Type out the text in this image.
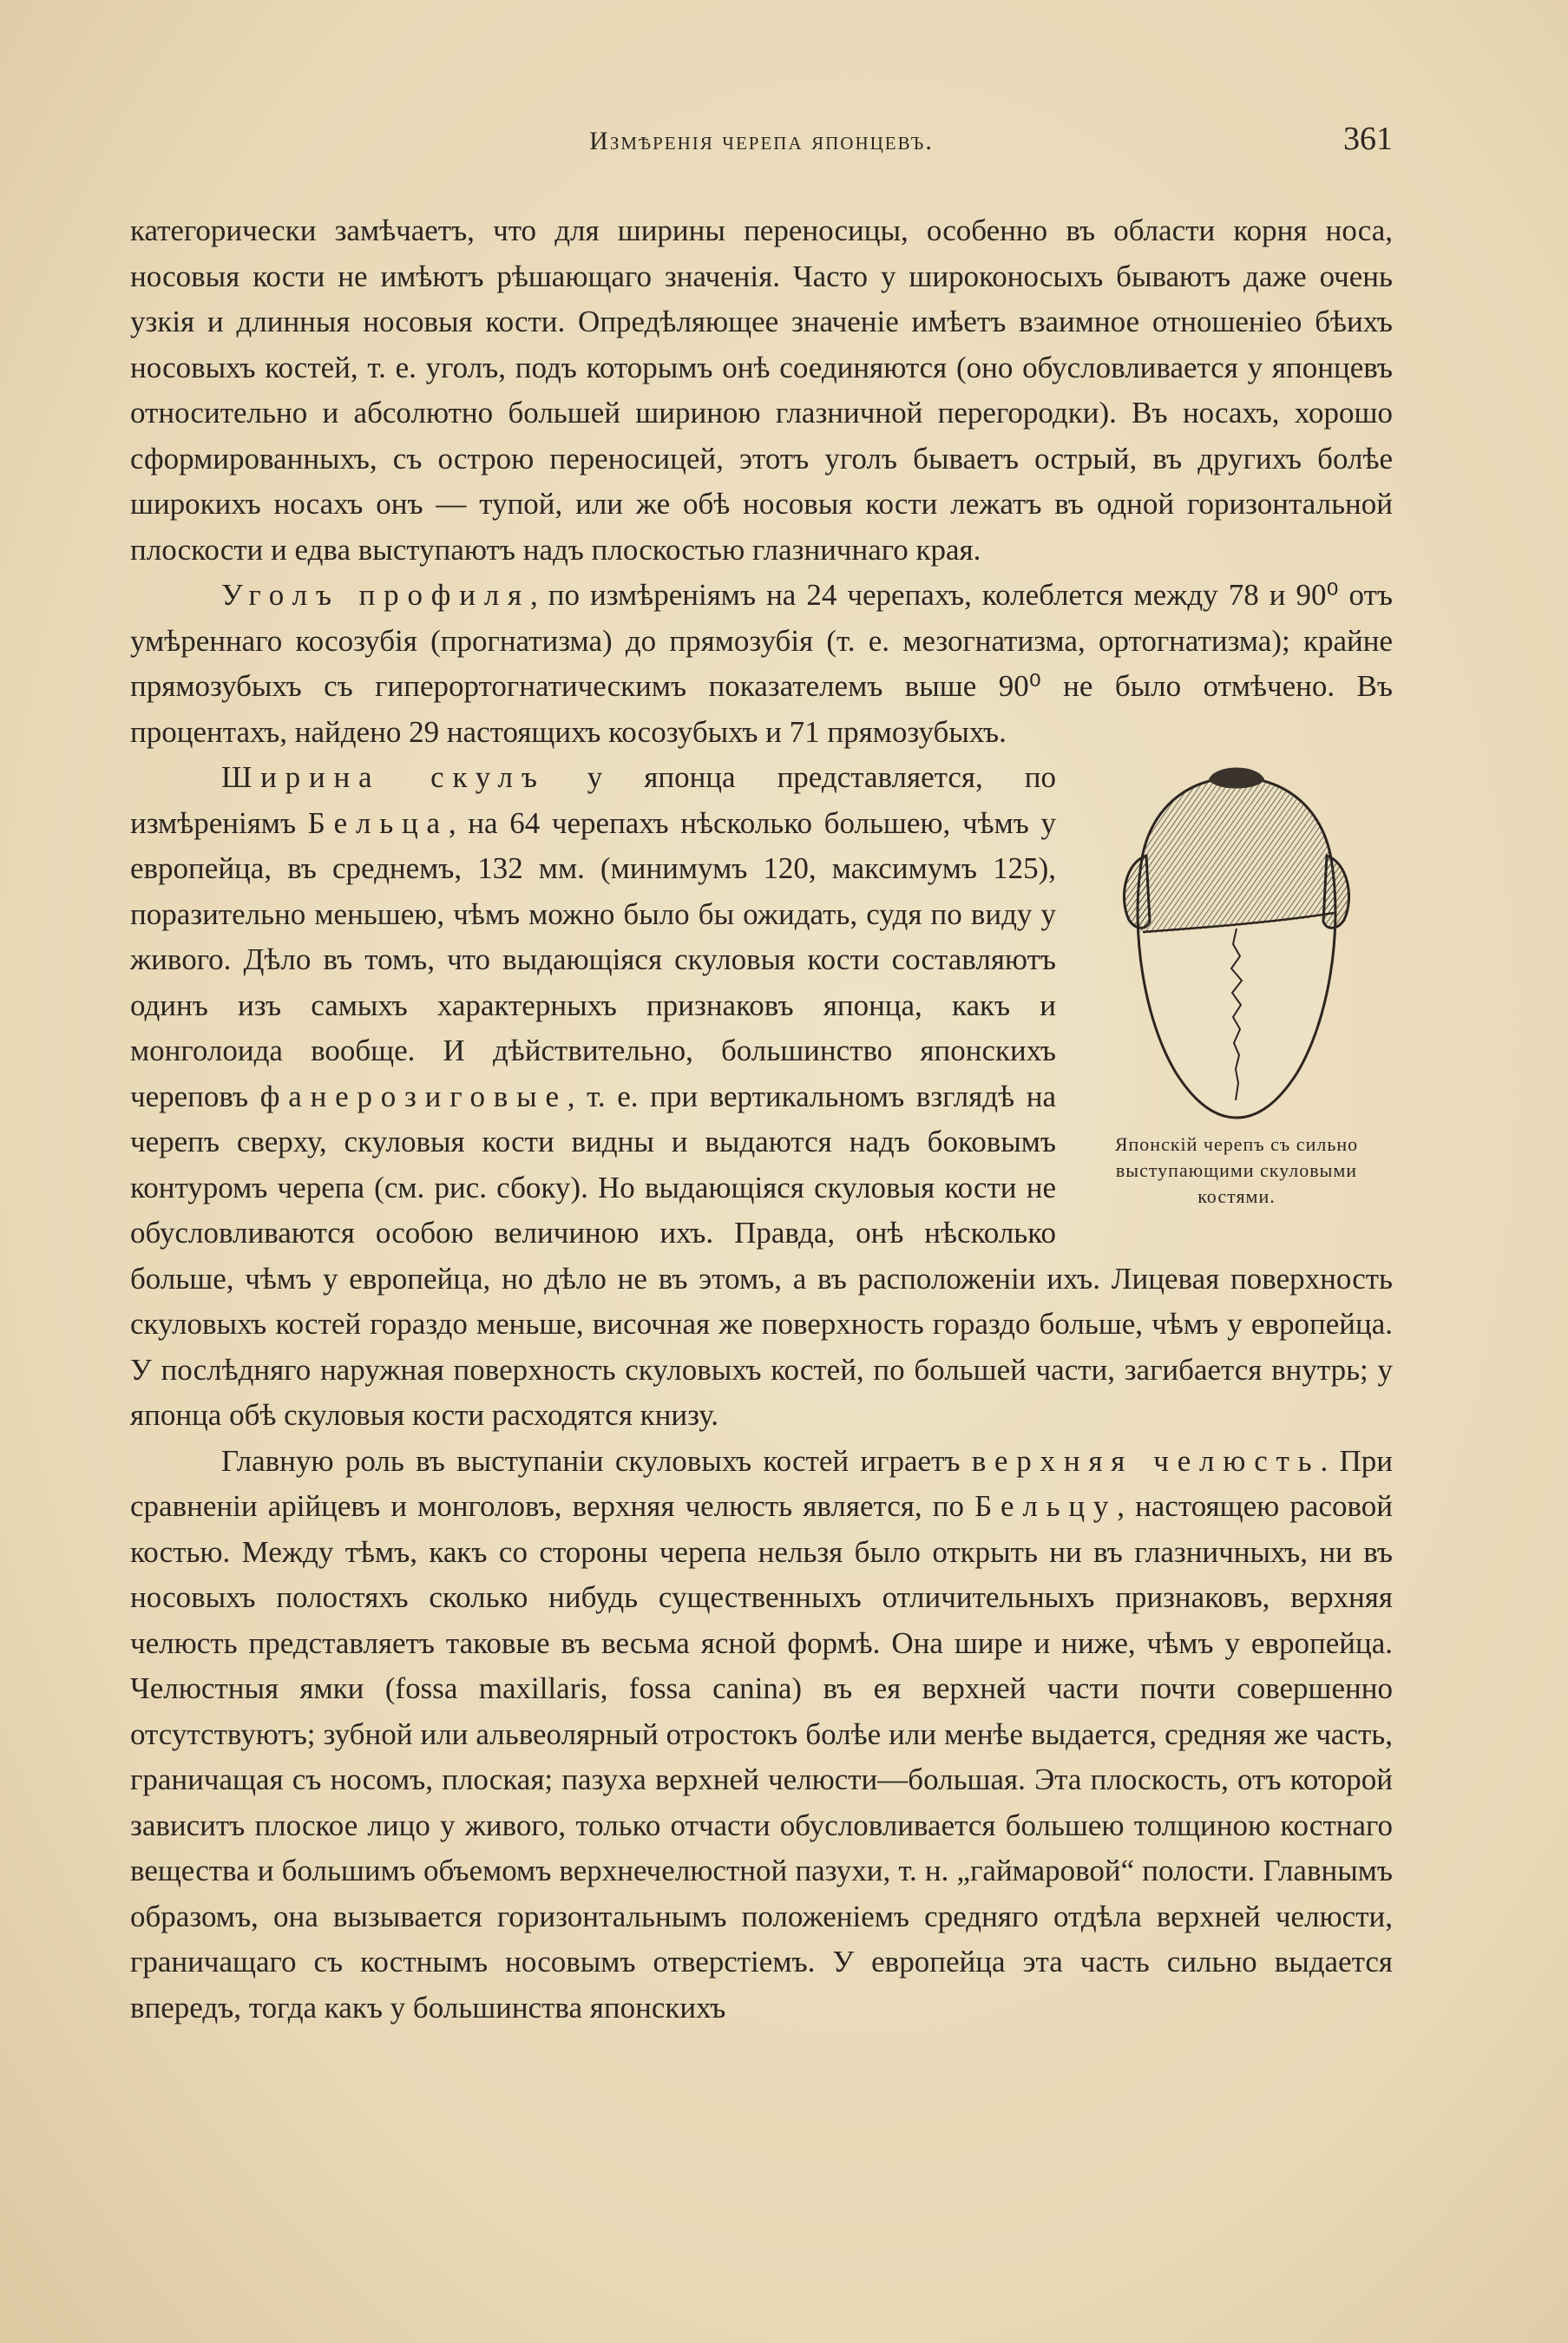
Измѣренія черепа японцевъ.	361

категорически замѣчаетъ, что для ширины переносицы, особенно въ области корня носа, носовыя кости не имѣютъ рѣшающаго значенія. Часто у широконосыхъ бываютъ даже очень узкія и длинныя носовыя кости. Опредѣляющее значеніе имѣетъ взаимное отношеніео бѣихъ носовыхъ костей, т. е. уголъ, подъ которымъ онѣ соединяются (оно обусловливается у японцевъ относительно и абсолютно большей шириною глазничной перегородки). Въ носахъ, хорошо сформированныхъ, съ острою переносицей, этотъ уголъ бываетъ острый, въ другихъ болѣе широкихъ носахъ онъ — тупой, или же обѣ носовыя кости лежатъ въ одной горизонтальной плоскости и едва выступаютъ надъ плоскостью глазничнаго края.

Уголъ профиля, по измѣреніямъ на 24 черепахъ, колеблется между 78 и 90⁰ отъ умѣреннаго косозубія (прогнатизма) до прямозубія (т. е. мезогнатизма, ортогнатизма); крайне прямозубыхъ съ гиперортогнатическимъ показателемъ выше 90⁰ не было отмѣчено. Въ процентахъ, найдено 29 настоящихъ косозубыхъ и 71 прямозубыхъ.

Японскій черепъ съ сильно выступающими скуловыми костями.

Ширина скулъ у японца представляется, по измѣреніямъ Бельца, на 64 черепахъ нѣсколько большею, чѣмъ у европейца, въ среднемъ, 132 мм. (минимумъ 120, максимумъ 125), поразительно меньшею, чѣмъ можно было бы ожидать, судя по виду у живого. Дѣло въ томъ, что выдающіяся скуловыя кости составляютъ одинъ изъ самыхъ характерныхъ признаковъ японца, какъ и монголоида вообще. И дѣйствительно, большинство японскихъ череповъ фанерозиговые, т. е. при вертикальномъ взглядѣ на черепъ сверху, скуловыя кости видны и выдаются надъ боковымъ контуромъ черепа (см. рис. сбоку). Но выдающіяся скуловыя кости не обусловливаются особою величиною ихъ. Правда, онѣ нѣсколько больше, чѣмъ у европейца, но дѣло не въ этомъ, а въ расположеніи ихъ. Лицевая поверхность скуловыхъ костей гораздо меньше, височная же поверхность гораздо больше, чѣмъ у европейца. У послѣдняго наружная поверхность скуловыхъ костей, по большей части, загибается внутрь; у японца обѣ скуловыя кости расходятся книзу.

Главную роль въ выступаніи скуловыхъ костей играетъ верхняя челюсть. При сравненіи арійцевъ и монголовъ, верхняя челюсть является, по Бельцу, настоящею расовой костью. Между тѣмъ, какъ со стороны черепа нельзя было открыть ни въ глазничныхъ, ни въ носовыхъ полостяхъ сколько нибудь существенныхъ отличительныхъ признаковъ, верхняя челюсть представляетъ таковые въ весьма ясной формѣ. Она шире и ниже, чѣмъ у европейца. Челюстныя ямки (fossa maxillaris, fossa canina) въ ея верхней части почти совершенно отсутствуютъ; зубной или альвеолярный отростокъ болѣе или менѣе выдается, средняя же часть, граничащая съ носомъ, плоская; пазуха верхней челюсти—большая. Эта плоскость, отъ которой зависитъ плоское лицо у живого, только отчасти обусловливается большею толщиною костнаго вещества и большимъ объемомъ верхнечелюстной пазухи, т. н. „гаймаровой“ полости. Главнымъ образомъ, она вызывается горизонтальнымъ положеніемъ средняго отдѣла верхней челюсти, граничащаго съ костнымъ носовымъ отверстіемъ. У европейца эта часть сильно выдается впередъ, тогда какъ у большинства японскихъ
